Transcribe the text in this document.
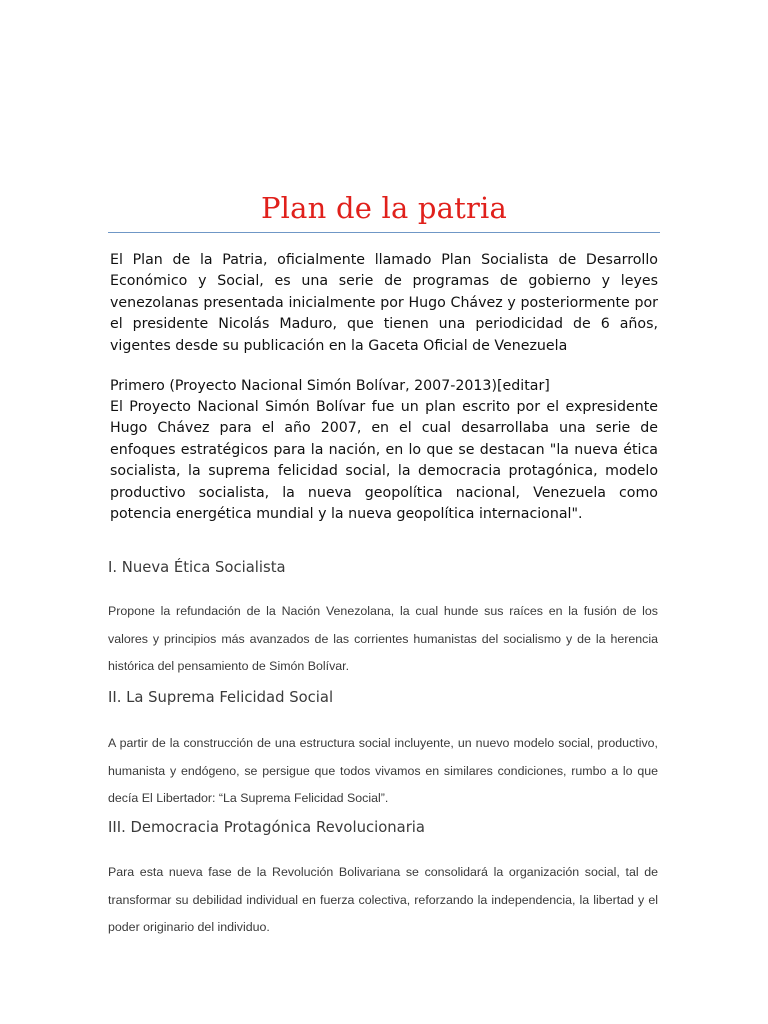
Plan de la patria

El Plan de la Patria, oficialmente llamado Plan Socialista de Desarrollo Económico y Social, es una serie de programas de gobierno y leyes venezolanas presentada inicialmente por Hugo Chávez y posteriormente por el presidente Nicolás Maduro, que tienen una periodicidad de 6 años, vigentes desde su publicación en la Gaceta Oficial de Venezuela

Primero (Proyecto Nacional Simón Bolívar, 2007-2013)[editar]

El Proyecto Nacional Simón Bolívar fue un plan escrito por el expresidente Hugo Chávez para el año 2007, en el cual desarrollaba una serie de enfoques estratégicos para la nación, en lo que se destacan "la nueva ética socialista, la suprema felicidad social, la democracia protagónica, modelo productivo socialista, la nueva geopolítica nacional, Venezuela como potencia energética mundial y la nueva geopolítica internacional".

I. Nueva Ética Socialista

Propone la refundación de la Nación Venezolana, la cual hunde sus raíces en la fusión de los valores y principios más avanzados de las corrientes humanistas del socialismo y de la herencia histórica del pensamiento de Simón Bolívar.

II. La Suprema Felicidad Social

A partir de la construcción de una estructura social incluyente, un nuevo modelo social, productivo, humanista y endógeno, se persigue que todos vivamos en similares condiciones, rumbo a lo que decía El Libertador: “La Suprema Felicidad Social”.

III. Democracia Protagónica Revolucionaria

Para esta nueva fase de la Revolución Bolivariana se consolidará la organización social, tal de transformar su debilidad individual en fuerza colectiva, reforzando la independencia, la libertad y el poder originario del individuo.
